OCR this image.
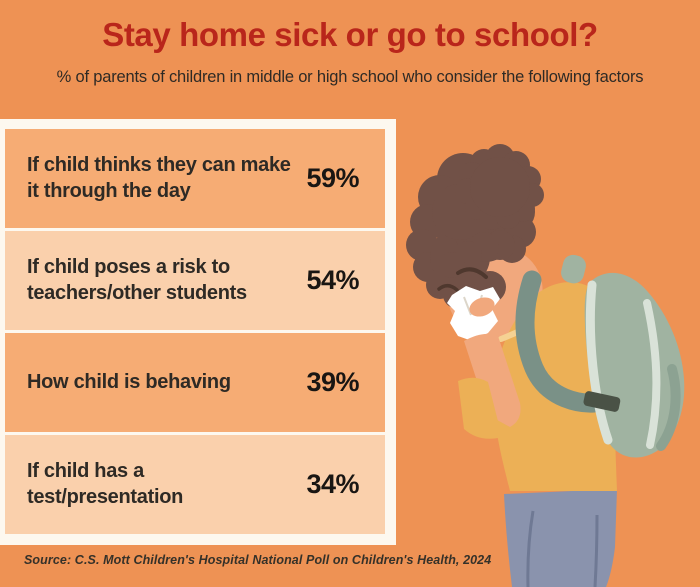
Stay home sick or go to school?

% of parents of children in middle or high school who consider the following factors

If child thinks they can make it through the day	59%
If child poses a risk to teachers/other students	54%
How child is behaving	39%
If child has a test/presentation	34%

Source: C.S. Mott Children's Hospital National Poll on Children's Health, 2024
